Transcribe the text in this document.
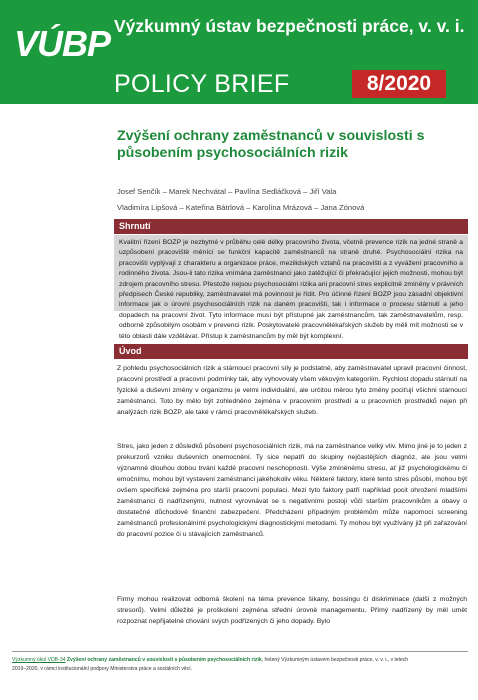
VÚBP Výzkumný ústav bezpečnosti práce, v. v. i.
POLICY BRIEF	8/2020
Zvýšení ochrany zaměstnanců v souvislosti s působením psychosociálních rizik
Josef Senčík – Marek Nechvátal – Pavlína Sedláčková – Jiří Vala
Vladimíra Lipšová – Kateřina Bátrlová – Karolína Mrázová – Jana Zónová
Shrnutí
Kvalitní řízení BOZP je nezbytné v průběhu celé délky pracovního života, včetně prevence rizik na jedné straně a uzpůsobení pracoviště měnící se funkční kapacitě zaměstnanců na straně druhé. Psychosociální rizika na pracovišti vyplývají z charakteru a organizace práce, mezilidských vztahů na pracovišti a z vyvážení pracovního a rodinného života. Jsou-li tato rizika vnímána zaměstnanci jako zatěžující či překračující jejich možnosti, mohou být zdrojem pracovního stresu. Přestože nejsou psychosociální rizika ani pracovní stres explicitně zmíněny v právních předpisech České republiky, zaměstnavatel má povinnost je řídit. Pro účinné řízení BOZP jsou zásadní objektivní informace jak o úrovni psychosociálních rizik na daném pracovišti, tak i informace o procesu stárnutí a jeho dopadech na pracovní život. Tyto informace musí být přístupné jak zaměstnancům, tak zaměstnavatelům, resp. odborně způsobilým osobám v prevenci rizik. Poskytovatelé pracovnělékařských služeb by měli mít možnosti se v této oblasti dále vzdělávat. Přístup k zaměstnancům by měl být komplexní.
Úvod
Z pohledu psychosociálních rizik a stárnoucí pracovní síly je podstatné, aby zaměstnavatel upravil pracovní činnost, pracovní prostředí a pracovní podmínky tak, aby vyhovovaly všem věkovým kategoriím. Rychlost dopadu stárnutí na fyzické a duševní změny v organizmu je velmi individuální, ale určitou měrou tyto změny pociťují všichni stárnoucí zaměstnanci. Toto by mělo být zohledněno zejména v pracovním prostředí a u pracovních prostředků nejen při analýzách rizik BOZP, ale také v rámci pracovnělékařských služeb.
Stres, jako jeden z důsledků působení psychosociálních rizik, má na zaměstnance velký vliv. Mimo jiné je to jeden z prekurzorů vzniku duševních onemocnění. Ty sice nepatří do skupiny nejčastějších diagnóz, ale jsou velmi významné dlouhou dobou trvání každé pracovní neschopnosti. Výše zmíněnému stresu, ať již psychologickému či emočnímu, mohou být vystavení zaměstnanci jakéhokoliv věku. Některé faktory, které tento stres působí, mohou být ovšem specifické zejména pro starší pracovní populaci. Mezi tyto faktory patří například pocit ohrožení mladšími zaměstnanci či nadřízenými, nutnost vyrovnávat se s negativními postoji vůči starším pracovníkům a obavy o dostatečné důchodové finanční zabezpečení. Předcházení případným problémům může napomoci screening zaměstnanců profesionálními psychologickými diagnostickými metodami. Ty mohou být využívány již při zařazování do pracovní pozice či u stávajících zaměstnanců.
Firmy mohou realizovat odborná školení na téma prevence šikany, bossingu či diskriminace (další z možných stresorů). Velmi důležité je proškolení zejména střední úrovně managementu. Přímý nadřízený by měl umět rozpoznat nepřijatelné chování svých podřízených či jeho dopady. Bylo
Výzkumný úkol VDB-34 Zvýšení ochrany zaměstnanců v souvislosti s působením psychosociálních rizik, řešený Výzkumným ústavem bezpečnosti práce, v. v. i., v letech
2019–2020, v rámci institucionální podpory Ministerstva práce a sociálních věcí.
